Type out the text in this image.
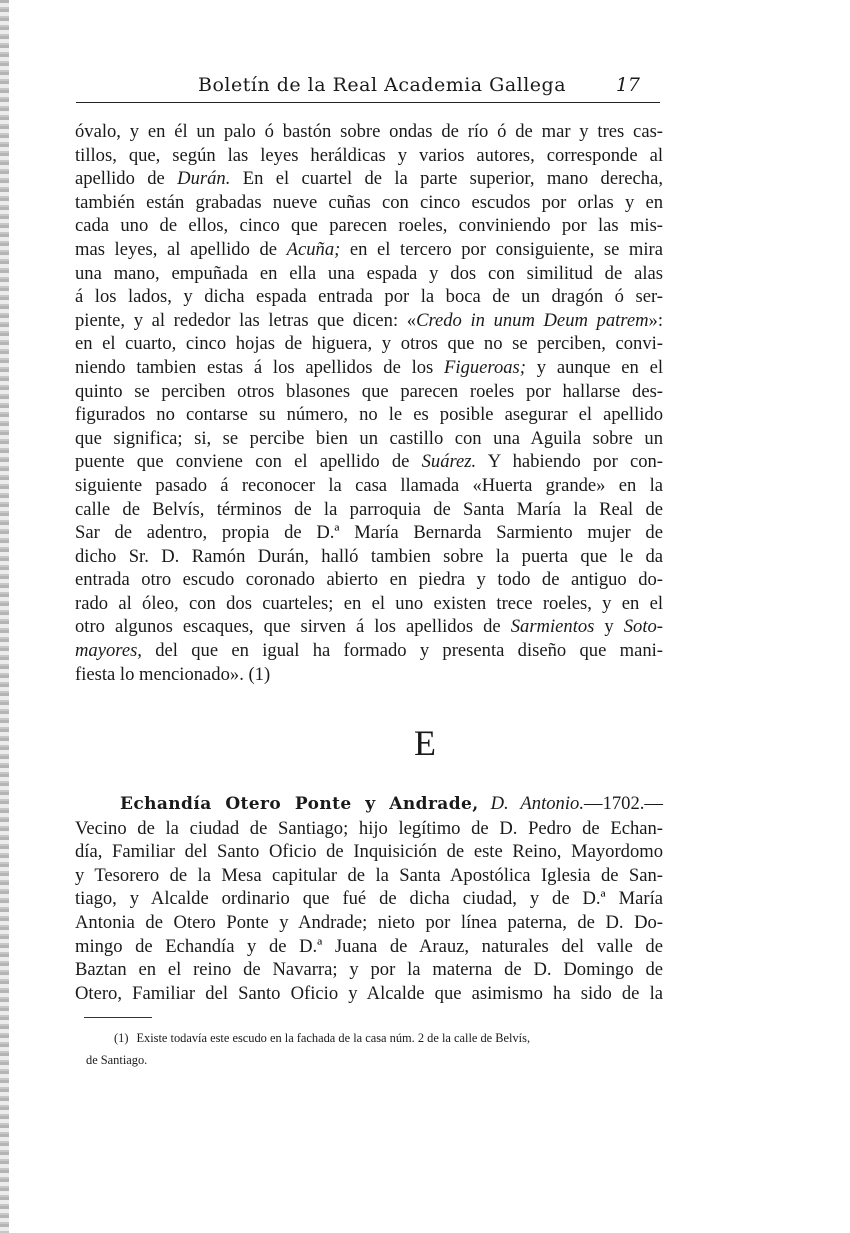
Boletín de la Real Academia Gallega	17
óvalo, y en él un palo ó bastón sobre ondas de río ó de mar y tres cas-
tillos, que, según las leyes heráldicas y varios autores, corresponde al
apellido de Durán. En el cuartel de la parte superior, mano derecha,
también están grabadas nueve cuñas con cinco escudos por orlas y en
cada uno de ellos, cinco que parecen roeles, conviniendo por las mis-
mas leyes, al apellido de Acuña; en el tercero por consiguiente, se mira
una mano, empuñada en ella una espada y dos con similitud de alas
á los lados, y dicha espada entrada por la boca de un dragón ó ser-
piente, y al rededor las letras que dicen: «Credo in unum Deum patrem»:
en el cuarto, cinco hojas de higuera, y otros que no se perciben, convi-
niendo tambien estas á los apellidos de los Figueroas; y aunque en el
quinto se perciben otros blasones que parecen roeles por hallarse des-
figurados no contarse su número, no le es posible asegurar el apellido
que significa; si, se percibe bien un castillo con una Aguila sobre un
puente que conviene con el apellido de Suárez. Y habiendo por con-
siguiente pasado á reconocer la casa llamada «Huerta grande» en la
calle de Belvís, términos de la parroquia de Santa María la Real de
Sar de adentro, propia de D.ª María Bernarda Sarmiento mujer de
dicho Sr. D. Ramón Durán, halló tambien sobre la puerta que le da
entrada otro escudo coronado abierto en piedra y todo de antiguo do-
rado al óleo, con dos cuarteles; en el uno existen trece roeles, y en el
otro algunos escaques, que sirven á los apellidos de Sarmientos y Soto-
mayores, del que en igual ha formado y presenta diseño que mani-
fiesta lo mencionado». (1)
E
Echandía Otero Ponte y Andrade, D. Antonio.—1702.—
Vecino de la ciudad de Santiago; hijo legítimo de D. Pedro de Echan-
día, Familiar del Santo Oficio de Inquisición de este Reino, Mayordomo
y Tesorero de la Mesa capitular de la Santa Apostólica Iglesia de San-
tiago, y Alcalde ordinario que fué de dicha ciudad, y de D.ª María
Antonia de Otero Ponte y Andrade; nieto por línea paterna, de D. Do-
mingo de Echandía y de D.ª Juana de Arauz, naturales del valle de
Baztan en el reino de Navarra; y por la materna de D. Domingo de
Otero, Familiar del Santo Oficio y Alcalde que asimismo ha sido de la
(1) Existe todavía este escudo en la fachada de la casa núm. 2 de la calle de Belvís,
de Santiago.
